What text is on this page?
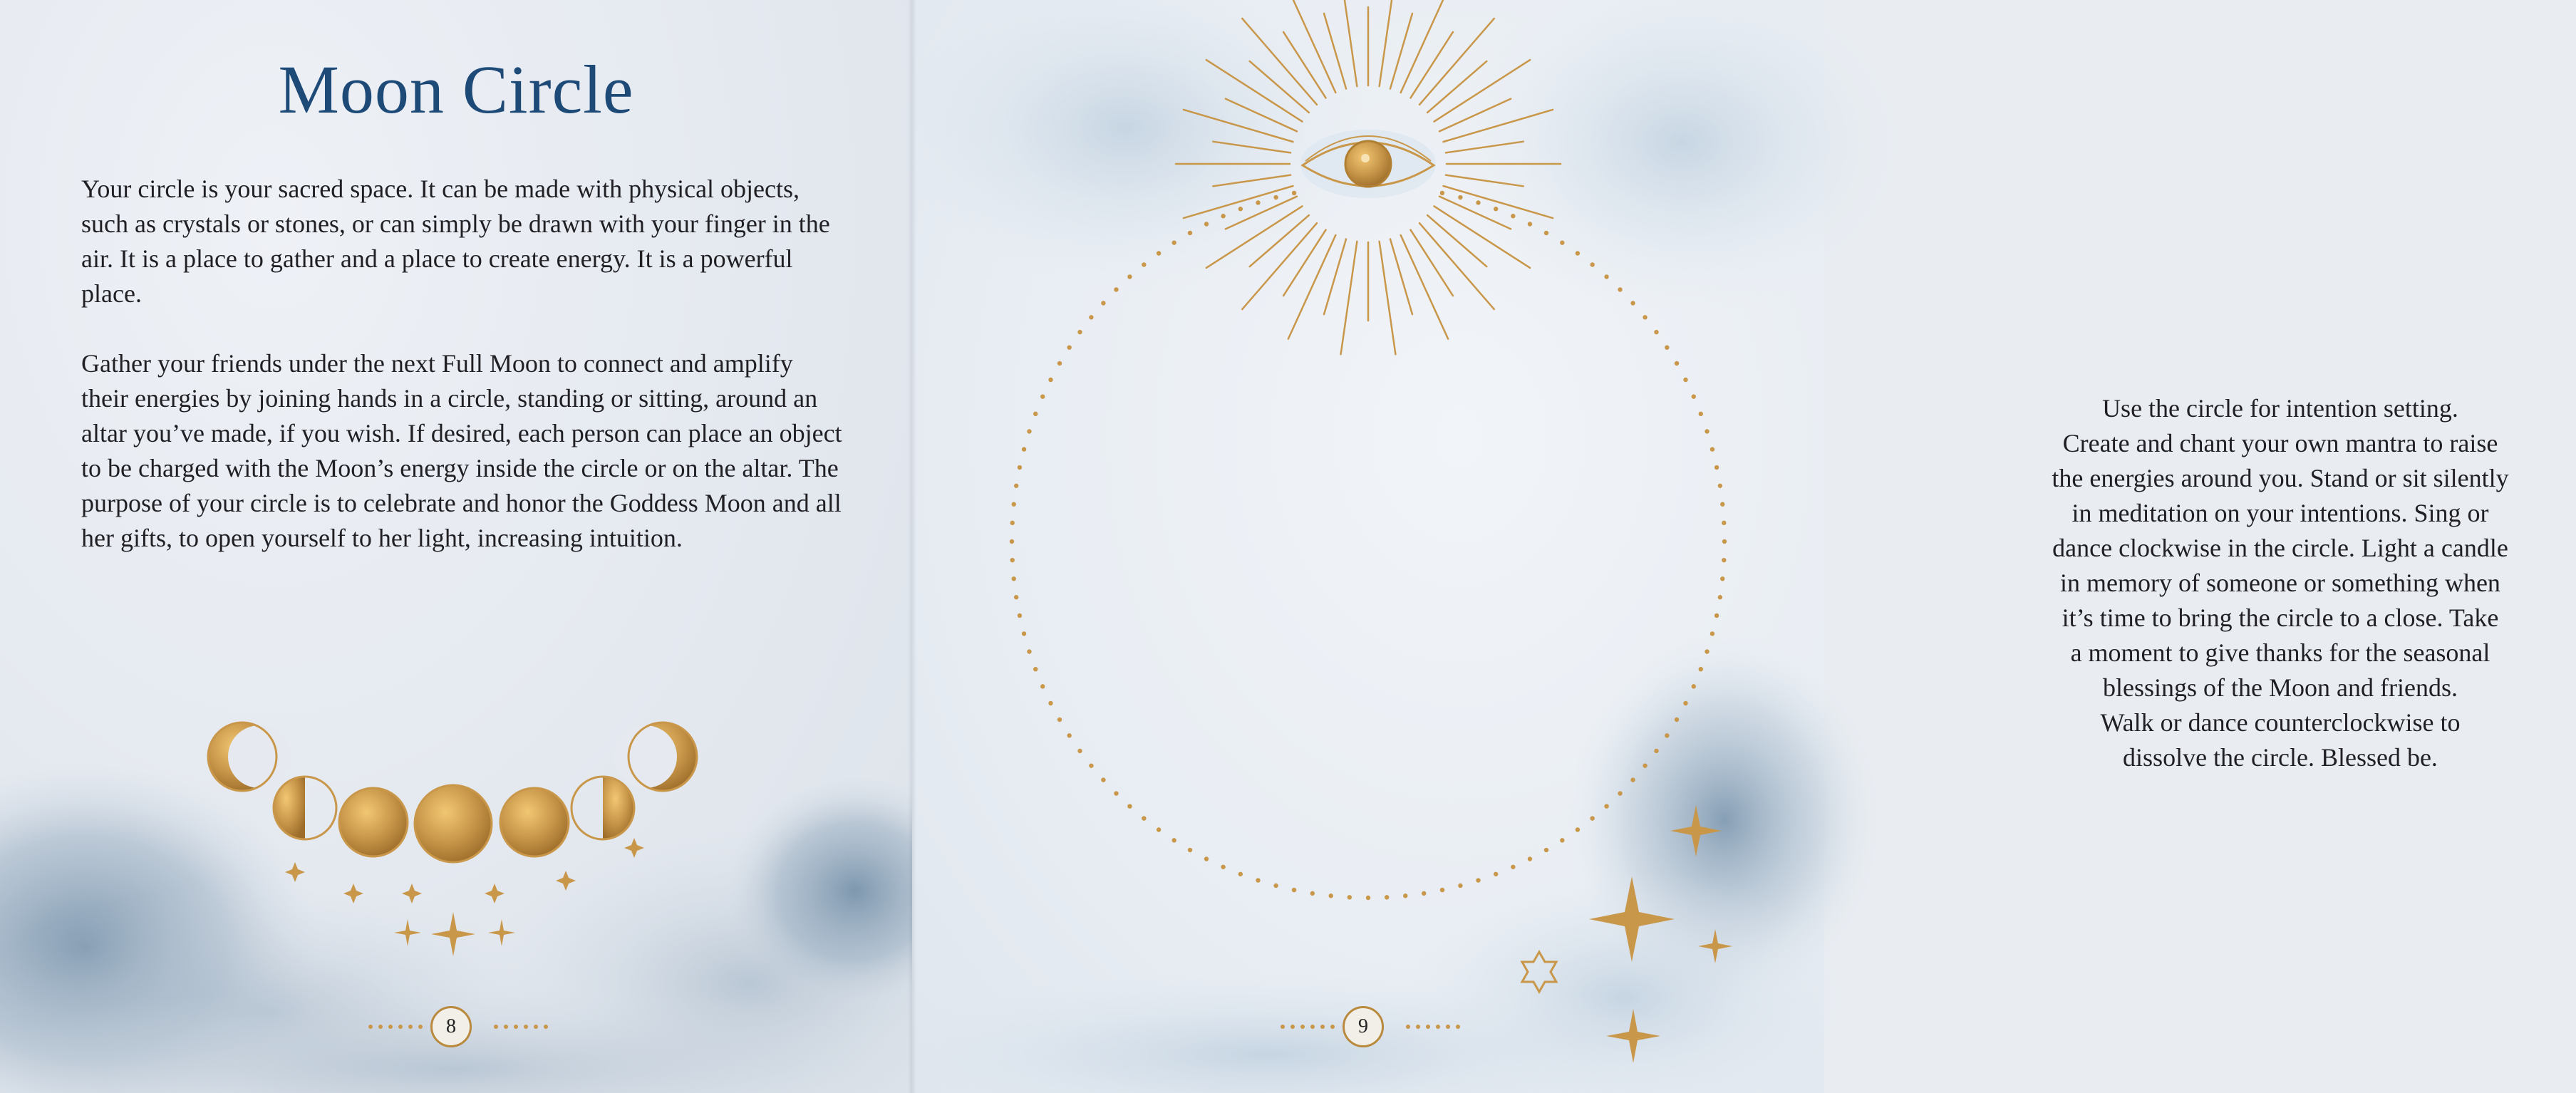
Moon Circle
Your circle is your sacred space. It can be made with physical objects, such as crystals or stones, or can simply be drawn with your finger in the air. It is a place to gather and a place to create energy. It is a powerful place.
Gather your friends under the next Full Moon to connect and amplify their energies by joining hands in a circle, standing or sitting, around an altar you’ve made, if you wish. If desired, each person can place an object to be charged with the Moon’s energy inside the circle or on the altar. The purpose of your circle is to celebrate and honor the Goddess Moon and all her gifts, to open yourself to her light, increasing intuition.
8
Use the circle for intention setting.
Create and chant your own mantra to raise
the energies around you. Stand or sit silently
in meditation on your intentions. Sing or
dance clockwise in the circle. Light a candle
in memory of someone or something when
it’s time to bring the circle to a close. Take
a moment to give thanks for the seasonal
blessings of the Moon and friends.
Walk or dance counterclockwise to
dissolve the circle. Blessed be.
9
